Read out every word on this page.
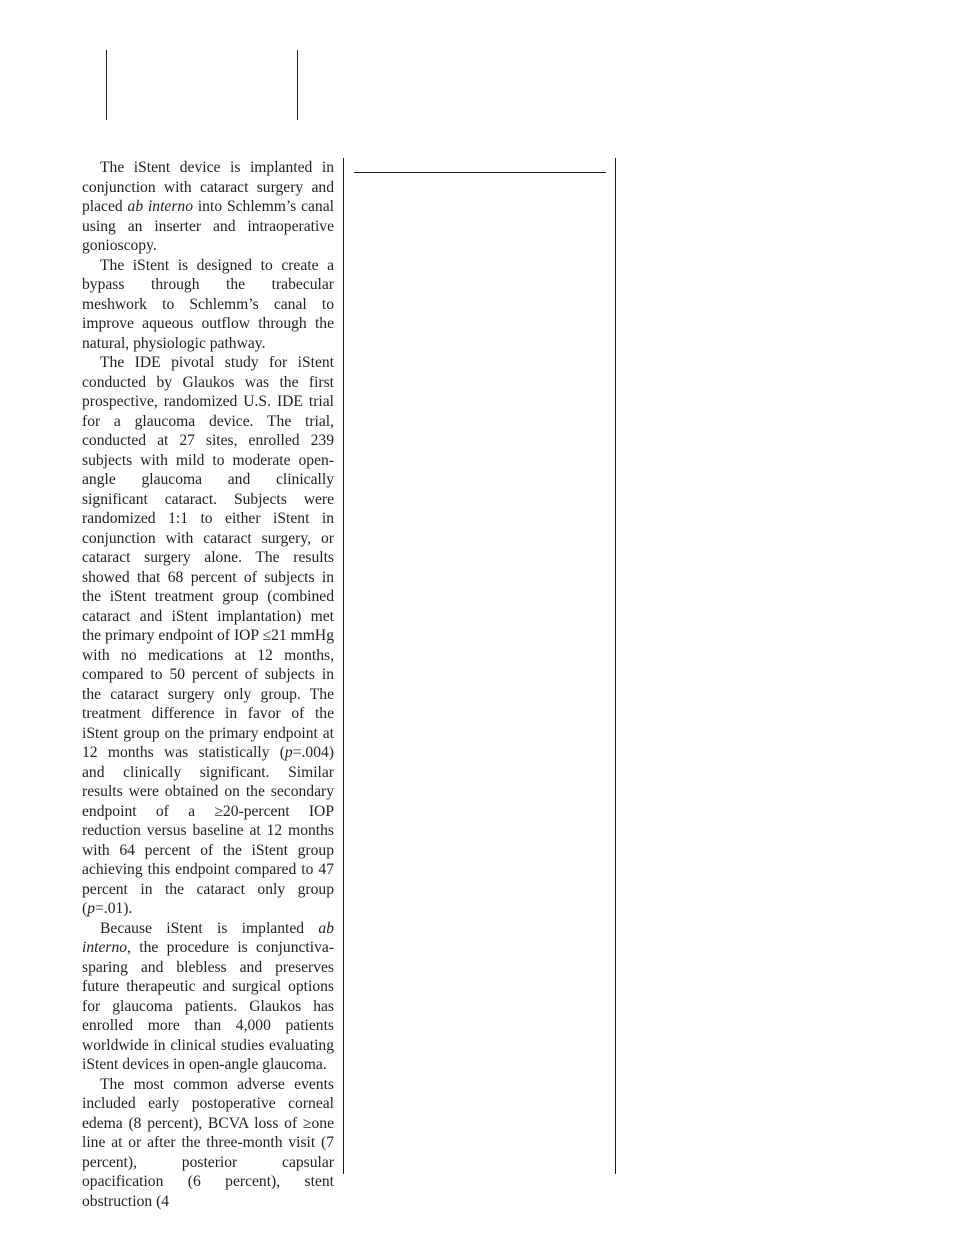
The iStent device is implanted in conjunction with cataract surgery and placed ab interno into Schlemm’s canal using an inserter and intraoperative gonioscopy.

The iStent is designed to create a bypass through the trabecular meshwork to Schlemm’s canal to improve aqueous outflow through the natural, physiologic pathway.

The IDE pivotal study for iStent conducted by Glaukos was the first prospective, randomized U.S. IDE trial for a glaucoma device. The trial, conducted at 27 sites, enrolled 239 subjects with mild to moderate open-angle glaucoma and clinically significant cataract. Subjects were randomized 1:1 to either iStent in conjunction with cataract surgery, or cataract surgery alone. The results showed that 68 percent of subjects in the iStent treatment group (combined cataract and iStent implantation) met the primary endpoint of IOP ≤21 mmHg with no medications at 12 months, compared to 50 percent of subjects in the cataract surgery only group. The treatment difference in favor of the iStent group on the primary endpoint at 12 months was statistically (p=.004) and clinically significant. Similar results were obtained on the secondary endpoint of a ≥20-percent IOP reduction versus baseline at 12 months with 64 percent of the iStent group achieving this endpoint compared to 47 percent in the cataract only group (p=.01).

Because iStent is implanted ab interno, the procedure is conjunctiva-sparing and blebless and preserves future therapeutic and surgical options for glaucoma patients. Glaukos has enrolled more than 4,000 patients worldwide in clinical studies evaluating iStent devices in open-angle glaucoma.

The most common adverse events included early postoperative corneal edema (8 percent), BCVA loss of ≥one line at or after the three-month visit (7 percent), posterior capsular opacification (6 percent), stent obstruction (4
